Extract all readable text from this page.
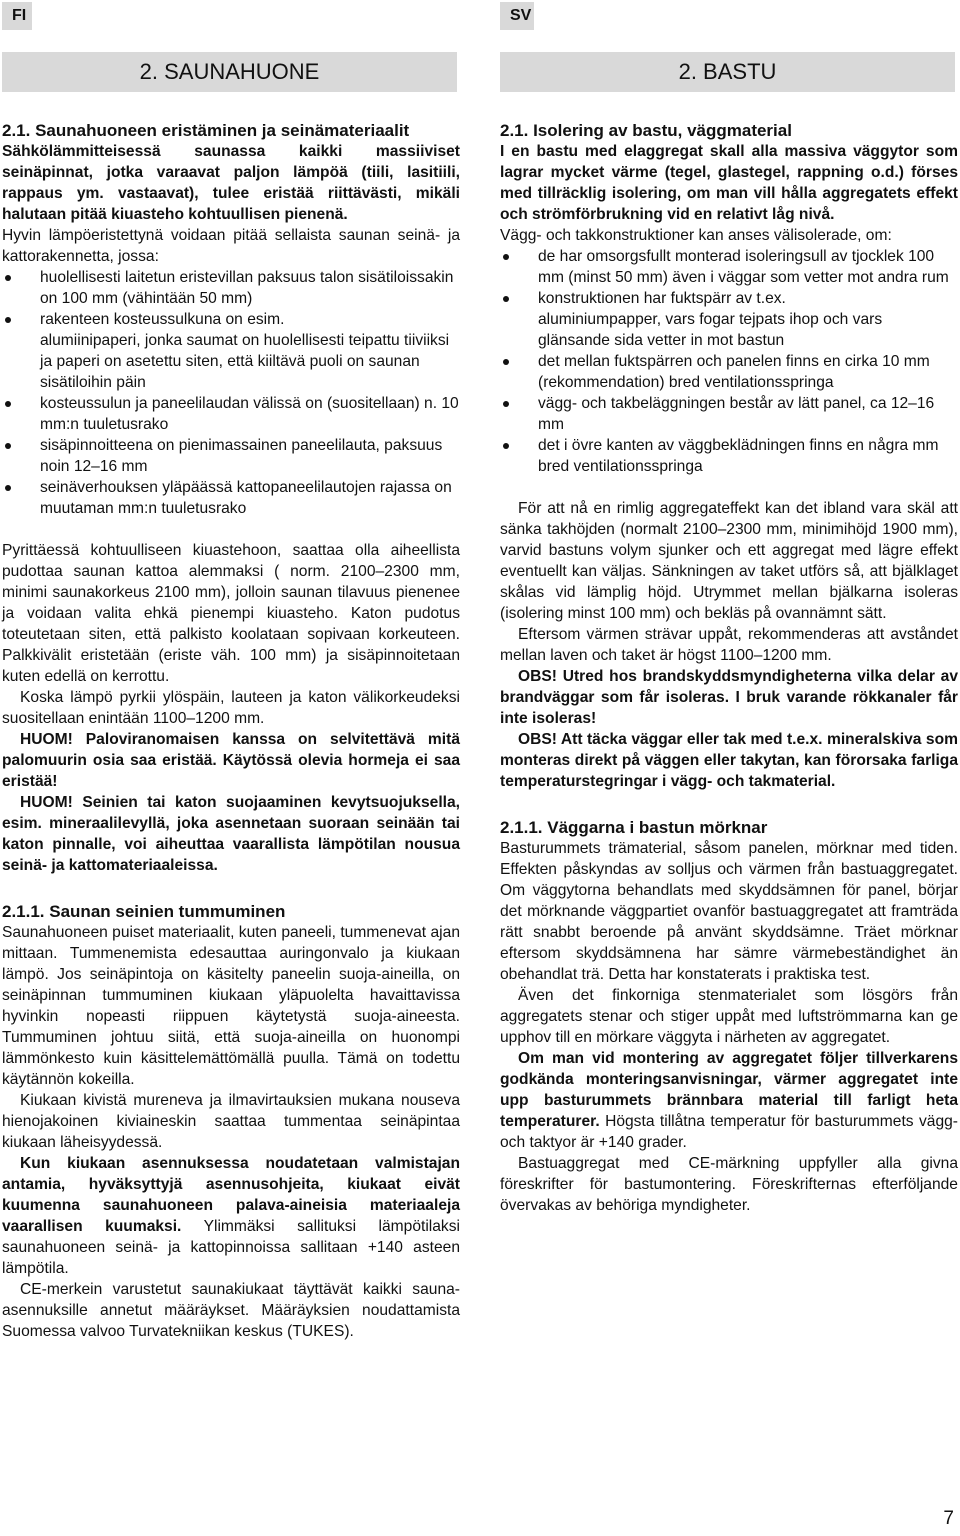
FI	SV
2. SAUNAHUONE	2. BASTU

2.1. Saunahuoneen eristäminen ja seinämateriaalit

Sähkölämmitteisessä saunassa kaikki massiiviset seinäpinnat, jotka varaavat paljon lämpöä (tiili, lasitiili, rappaus ym. vastaavat), tulee eristää riittävästi, mikäli halutaan pitää kiuasteho kohtuullisen pienenä.

Hyvin lämpöeristettynä voidaan pitää sellaista saunan seinä- ja kattorakennetta, jossa:

huolellisesti laitetun eristevillan paksuus talon sisätiloissakin on 100 mm (vähintään 50 mm)
rakenteen kosteussulkuna on esim.
alumiinipaperi, jonka saumat on huolellisesti teipattu tiiviiksi ja paperi on asetettu siten, että kiiltävä puoli on saunan sisätiloihin päin
kosteussulun ja paneelilaudan välissä on (suositellaan) n. 10 mm:n tuuletusrako
sisäpinnoitteena on pienimassainen paneelilauta, paksuus noin 12–16 mm
seinäverhouksen yläpäässä kattopaneelilautojen rajassa on muutaman mm:n tuuletusrako

Pyrittäessä kohtuulliseen kiuastehoon, saattaa olla aiheellista pudottaa saunan kattoa alemmaksi ( norm. 2100–2300 mm, minimi saunakorkeus 2100 mm), jolloin saunan tilavuus pienenee ja voidaan valita ehkä pienempi kiuasteho. Katon pudotus toteutetaan siten, että palkisto koolataan sopivaan korkeuteen. Palkkivälit eristetään (eriste väh. 100 mm) ja sisäpinnoitetaan kuten edellä on kerrottu.

Koska lämpö pyrkii ylöspäin, lauteen ja katon välikorkeudeksi suositellaan enintään 1100–1200 mm.

HUOM! Paloviranomaisen kanssa on selvitettävä mitä palomuurin osia saa eristää. Käytössä olevia hormeja ei saa eristää!

HUOM! Seinien tai katon suojaaminen kevytsuojuksella, esim. mineraalilevyllä, joka asennetaan suoraan seinään tai katon pinnalle, voi aiheuttaa vaarallista lämpötilan nousua seinä- ja kattomateriaaleissa.

2.1.1. Saunan seinien tummuminen

Saunahuoneen puiset materiaalit, kuten paneeli, tummenevat ajan mittaan. Tummenemista edesauttaa auringonvalo ja kiukaan lämpö. Jos seinäpintoja on käsitelty paneelin suoja-aineilla, on seinäpinnan tummuminen kiukaan yläpuolelta havaittavissa hyvinkin nopeasti riippuen käytetystä suoja-aineesta. Tummuminen johtuu siitä, että suoja-aineilla on huonompi lämmönkesto kuin käsittelemättömällä puulla. Tämä on todettu käytännön kokeilla.

Kiukaan kivistä mureneva ja ilmavirtauksien mukana nouseva hienojakoinen kiviaineskin saattaa tummentaa seinäpintaa kiukaan läheisyydessä.

Kun kiukaan asennuksessa noudatetaan valmistajan antamia, hyväksyttyjä asennusohjeita, kiukaat eivät kuumenna saunahuoneen palava-aineisia materiaaleja vaarallisen kuumaksi. Ylimmäksi sallituksi lämpötilaksi saunahuoneen seinä- ja kattopinnoissa sallitaan +140 asteen lämpötila.

CE-merkein varustetut saunakiukaat täyttävät kaikki sauna-asennuksille annetut määräykset. Määräyksien noudattamista Suomessa valvoo Turvatekniikan keskus (TUKES).

2.1. Isolering av bastu, väggmaterial

I en bastu med elaggregat skall alla massiva väggytor som lagrar mycket värme (tegel, glastegel, rappning o.d.) förses med tillräcklig isolering, om man vill hålla aggregatets effekt och strömförbrukning vid en relativt låg nivå.

Vägg- och takkonstruktioner kan anses välisolerade, om:

de har omsorgsfullt monterad isoleringsull av tjocklek 100 mm (minst 50 mm) även i väggar som vetter mot andra rum
konstruktionen har fuktspärr av t.ex.
aluminiumpapper, vars fogar tejpats ihop och vars glänsande sida vetter in mot bastun
det mellan fuktspärren och panelen finns en cirka 10 mm (rekommendation) bred ventilationsspringa
vägg- och takbeläggningen består av lätt panel, ca 12–16 mm
det i övre kanten av väggbeklädningen finns en några mm bred ventilationsspringa

För att nå en rimlig aggregateffekt kan det ibland vara skäl att sänka takhöjden (normalt 2100–2300 mm, minimihöjd 1900 mm), varvid bastuns volym sjunker och ett aggregat med lägre effekt eventuellt kan väljas. Sänkningen av taket utförs så, att bjälklaget skålas vid lämplig höjd. Utrymmet mellan bjälkarna isoleras (isolering minst 100 mm) och bekläs på ovannämnt sätt.

Eftersom värmen strävar uppåt, rekommenderas att avståndet mellan laven och taket är högst 1100–1200 mm.

OBS! Utred hos brandskyddsmyndigheterna vilka delar av brandväggar som får isoleras. I bruk varande rökkanaler får inte isoleras!

OBS! Att täcka väggar eller tak med t.e.x. mineralskiva som monteras direkt på väggen eller takytan, kan förorsaka farliga temperaturstegringar i vägg- och takmaterial.

2.1.1. Väggarna i bastun mörknar

Basturummets trämaterial, såsom panelen, mörknar med tiden. Effekten påskyndas av solljus och värmen från bastuaggregatet. Om väggytorna behandlats med skyddsämnen för panel, börjar det mörknande väggpartiet ovanför bastuaggregatet att framträda rätt snabbt beroende på använt skyddsämne. Träet mörknar eftersom skyddsämnena har sämre värmebeständighet än obehandlat trä. Detta har konstaterats i praktiska test.

Även det finkorniga stenmaterialet som lösgörs från aggregatets stenar och stiger uppåt med luftströmmarna kan ge upphov till en mörkare väggyta i närheten av aggregatet.

Om man vid montering av aggregatet följer tillverkarens godkända monteringsanvisningar, värmer aggregatet inte upp basturummets brännbara material till farligt heta temperaturer. Högsta tillåtna temperatur för basturummets vägg- och taktyor är +140 grader.

Bastuaggregat med CE-märkning uppfyller alla givna föreskrifter för bastumontering. Föreskrifternas efterföljande övervakas av behöriga myndigheter.

7
